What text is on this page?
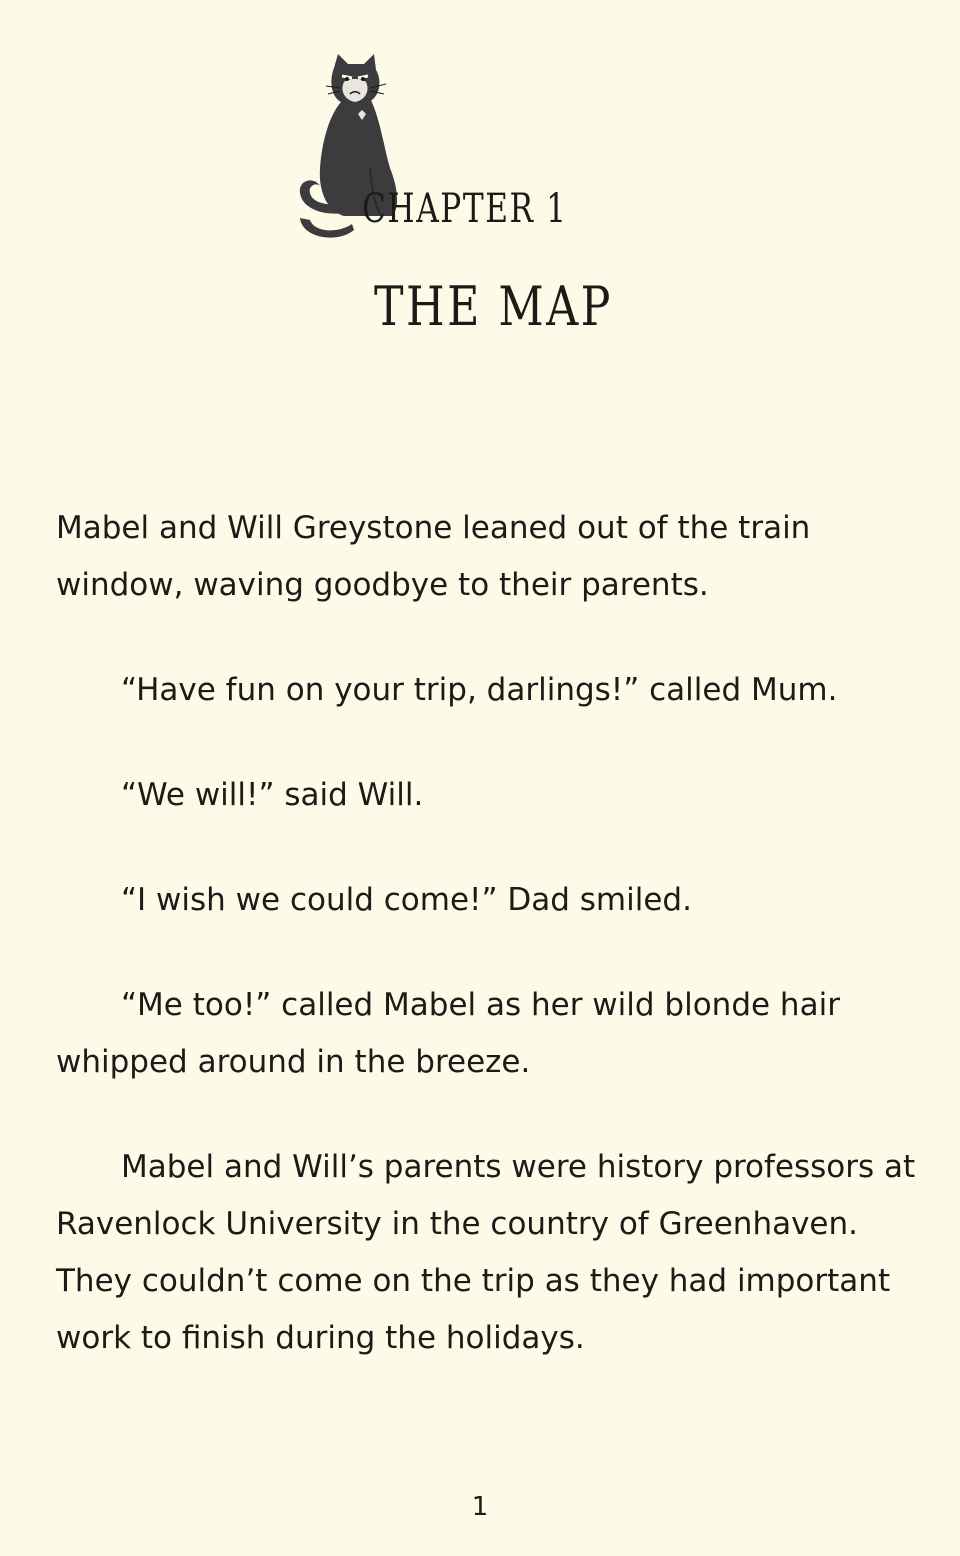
CHAPTER 1
THE MAP

Mabel and Will Greystone leaned out of the train window, waving goodbye to their parents.

“Have fun on your trip, darlings!” called Mum.

“We will!” said Will.

“I wish we could come!” Dad smiled.

“Me too!” called Mabel as her wild blonde hair whipped around in the breeze.

Mabel and Will’s parents were history professors at Ravenlock University in the country of Greenhaven. They couldn’t come on the trip as they had important work to finish during the holidays.

1
